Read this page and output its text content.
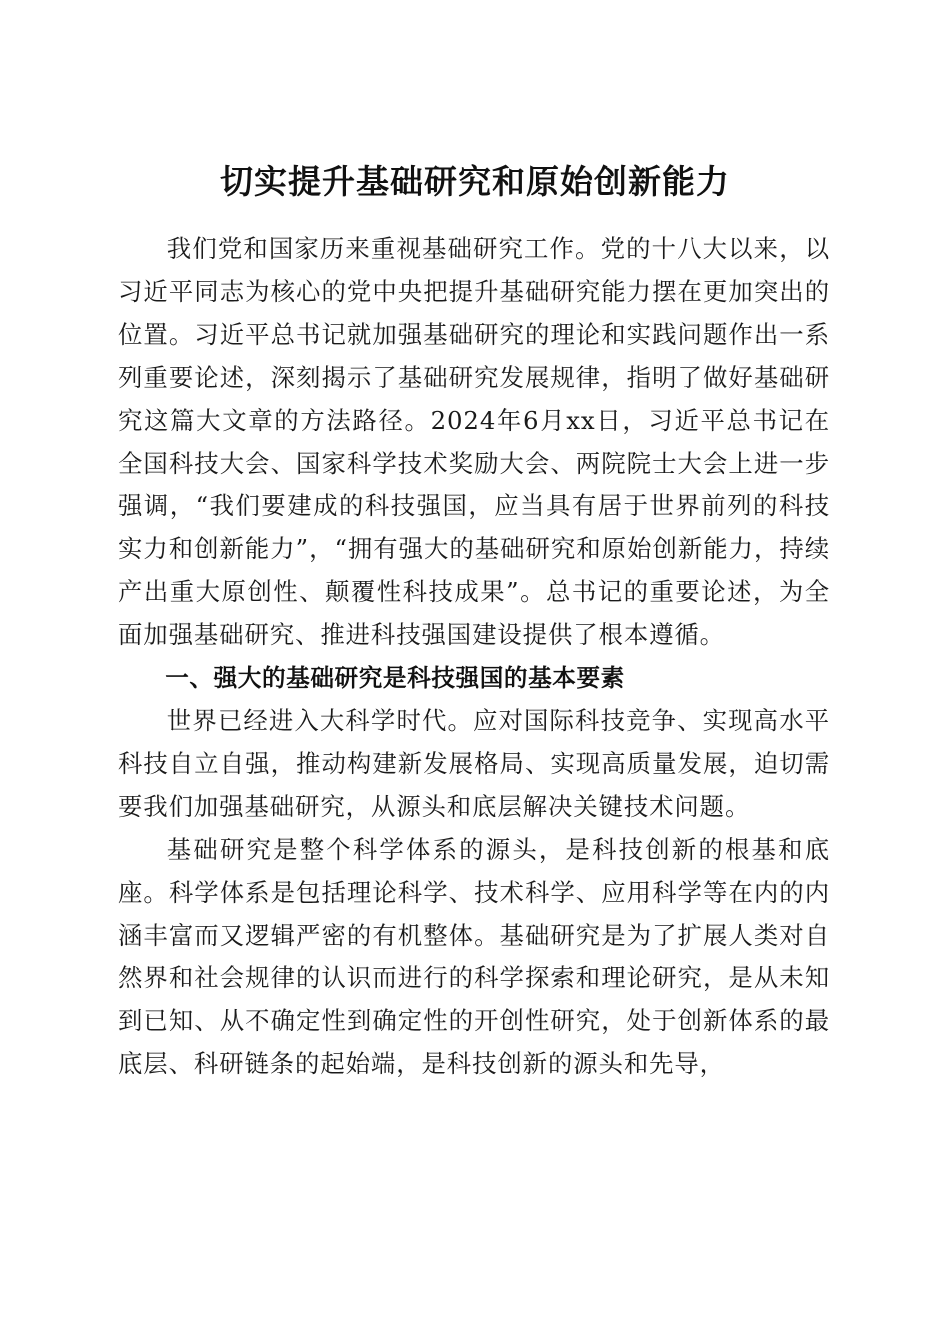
切实提升基础研究和原始创新能力

我们党和国家历来重视基础研究工作。党的十八大以来，以习近平同志为核心的党中央把提升基础研究能力摆在更加突出的位置。习近平总书记就加强基础研究的理论和实践问题作出一系列重要论述，深刻揭示了基础研究发展规律，指明了做好基础研究这篇大文章的方法路径。2024年6月xx日，习近平总书记在全国科技大会、国家科学技术奖励大会、两院院士大会上进一步强调，“我们要建成的科技强国，应当具有居于世界前列的科技实力和创新能力”，“拥有强大的基础研究和原始创新能力，持续产出重大原创性、颠覆性科技成果”。总书记的重要论述，为全面加强基础研究、推进科技强国建设提供了根本遵循。

一、强大的基础研究是科技强国的基本要素

世界已经进入大科学时代。应对国际科技竞争、实现高水平科技自立自强，推动构建新发展格局、实现高质量发展，迫切需要我们加强基础研究，从源头和底层解决关键技术问题。

基础研究是整个科学体系的源头，是科技创新的根基和底座。科学体系是包括理论科学、技术科学、应用科学等在内的内涵丰富而又逻辑严密的有机整体。基础研究是为了扩展人类对自然界和社会规律的认识而进行的科学探索和理论研究，是从未知到已知、从不确定性到确定性的开创性研究，处于创新体系的最底层、科研链条的起始端，是科技创新的源头和先导，
